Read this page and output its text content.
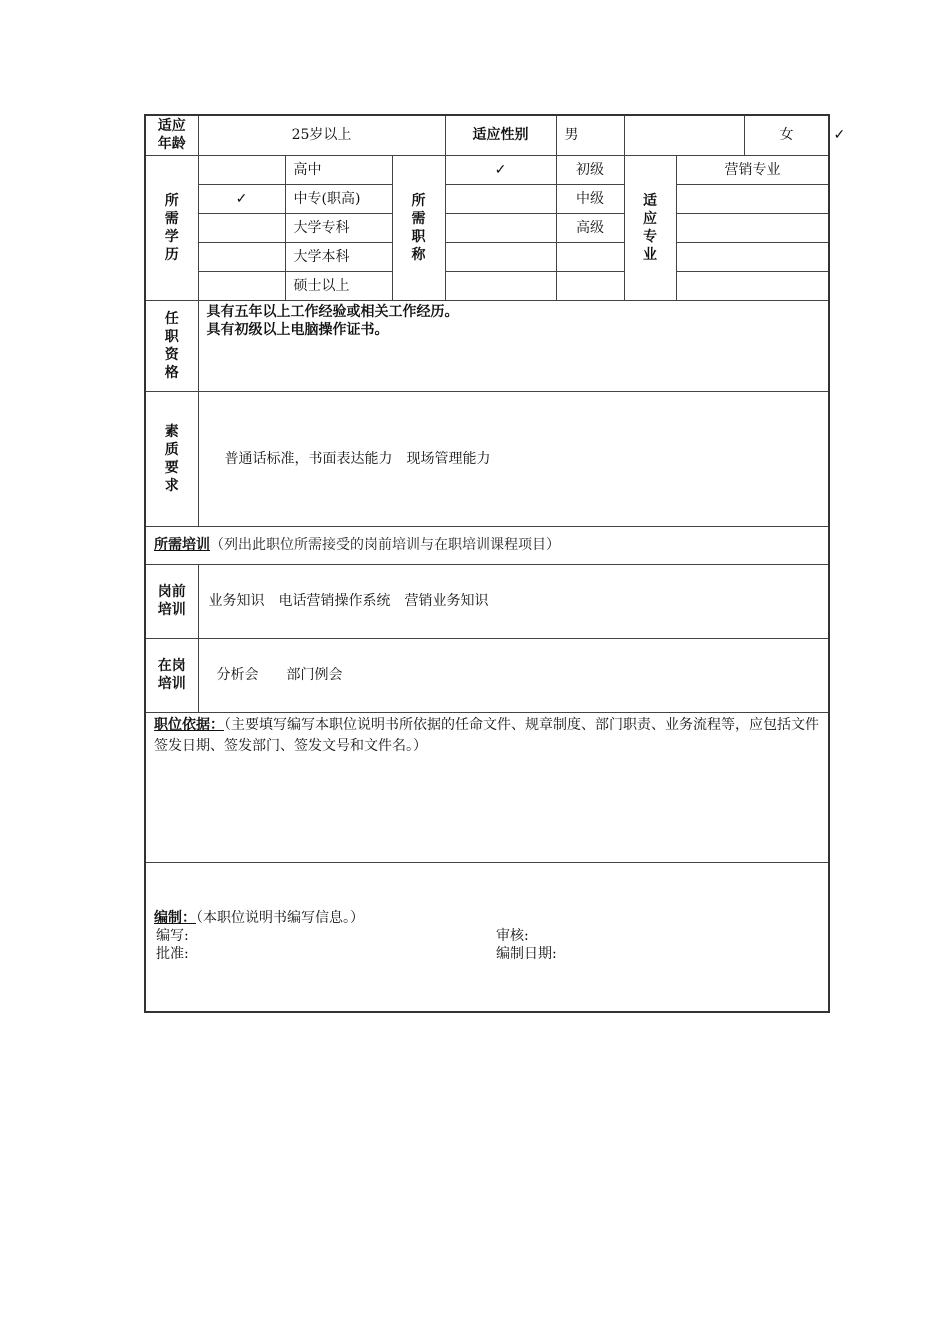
适应年龄	25岁以上			适应性别	男			女	✓
所需学历		高中	所需职称	✓	初级	适应专业	营销专业		
	✓	中专(职高)			中级				
		大学专科			高级				
		大学本科							
		硕士以上							
任职资格	具有五年以上工作经验或相关工作经历。
具有初级以上电脑操作证书。								

素质要求	普通话标准，书面表达能力　现场管理能力								
所需培训（列出此职位所需接受的岗前培训与在职培训课程项目）									
岗前培训	业务知识　电话营销操作系统　营销业务知识								
在岗培训	分析会　　部门例会								
职位依据：（主要填写编写本职位说明书所依据的任命文件、规章制度、部门职责、业务流程等，应包括文件签发日期、签发部门、签发文号和文件名。）									

编制：（本职位说明书编写信息。）
编写: 审核:
批准: 编制日期:									
